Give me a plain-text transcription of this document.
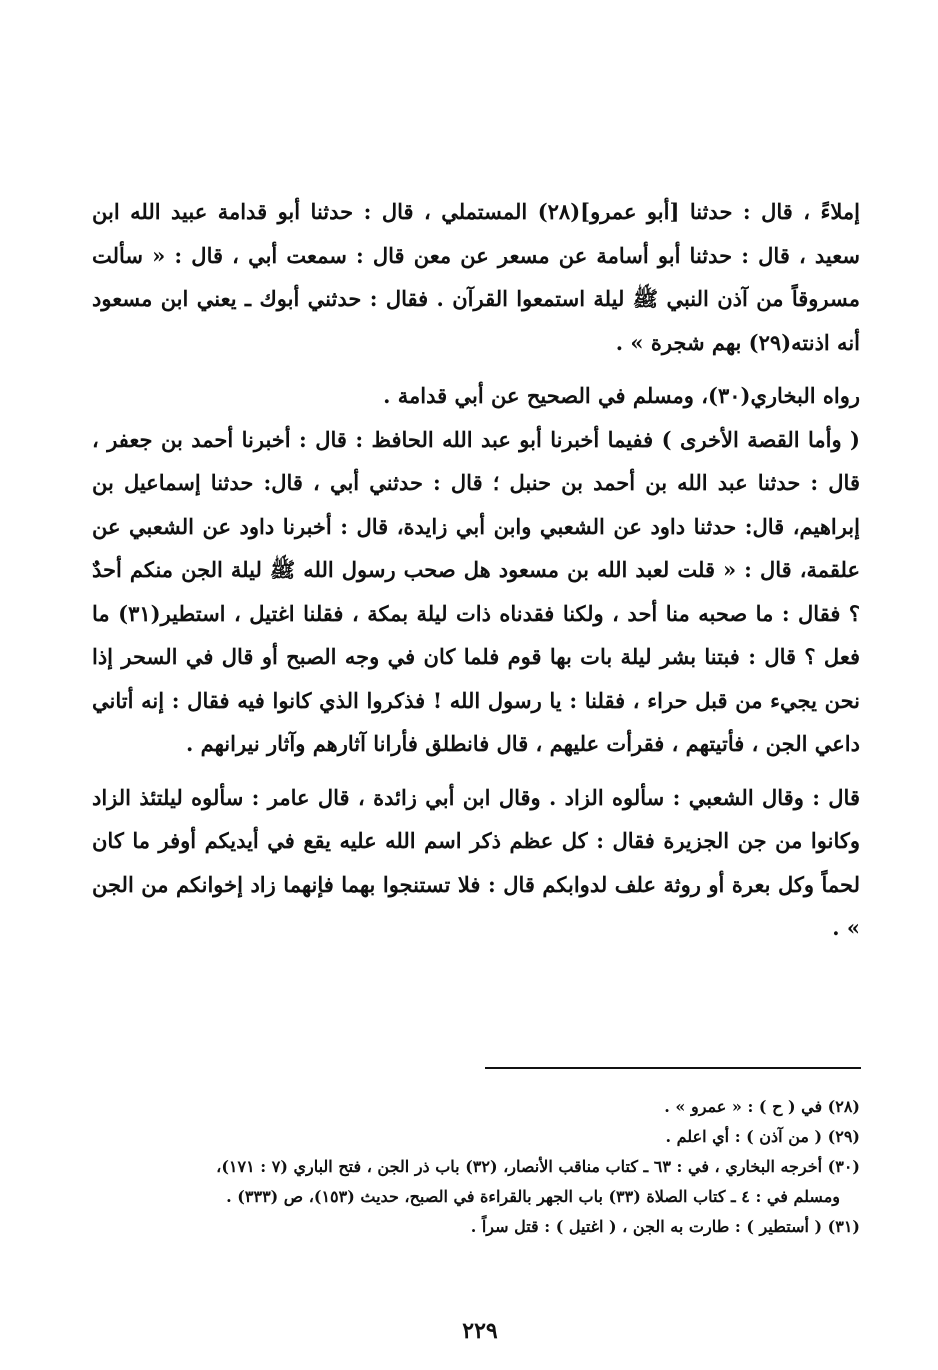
إملاءً ، قال : حدثنا [أبو عمرو](٢٨) المستملي ، قال : حدثنا أبو قدامة عبيد الله ابن سعيد ، قال : حدثنا أبو أسامة عن مسعر عن معن قال : سمعت أبي ، قال : « سألت مسروقاً من آذن النبي ﷺ ليلة استمعوا القرآن . فقال : حدثني أبوك ـ يعني ابن مسعود أنه اذنته(٢٩) بهم شجرة » .

رواه البخاري(٣٠)، ومسلم في الصحيح عن أبي قدامة .

( وأما القصة الأخرى ) ففيما أخبرنا أبو عبد الله الحافظ : قال : أخبرنا أحمد بن جعفر ، قال : حدثنا عبد الله بن أحمد بن حنبل ؛ قال : حدثني أبي ، قال: حدثنا إسماعيل بن إبراهيم، قال: حدثنا داود عن الشعبي وابن أبي زايدة، قال : أخبرنا داود عن الشعبي عن علقمة، قال : « قلت لعبد الله بن مسعود هل صحب رسول الله ﷺ ليلة الجن منكم أحدٌ ؟ فقال : ما صحبه منا أحد ، ولكنا فقدناه ذات ليلة بمكة ، فقلنا اغتيل ، استطير(٣١) ما فعل ؟ قال : فبتنا بشر ليلة بات بها قوم فلما كان في وجه الصبح أو قال في السحر إذا نحن يجيء من قبل حراء ، فقلنا : يا رسول الله ! فذكروا الذي كانوا فيه فقال : إنه أتاني داعي الجن ، فأتيتهم ، فقرأت عليهم ، قال فانطلق فأرانا آثارهم وآثار نيرانهم .

قال : وقال الشعبي : سألوه الزاد . وقال ابن أبي زائدة ، قال عامر : سألوه ليلتئذ الزاد وكانوا من جن الجزيرة فقال : كل عظم ذكر اسم الله عليه يقع في أيديكم أوفر ما كان لحماً وكل بعرة أو روثة علف لدوابكم قال : فلا تستنجوا بهما فإنهما زاد إخوانكم من الجن » .

(٢٨) في ( ح ) : « عمرو » .

(٢٩) ( من آذن ) : أي اعلم .

(٣٠) أخرجه البخاري ، في : ٦٣ ـ كتاب مناقب الأنصار، (٣٢) باب ذر الجن ، فتح الباري (٧ : ١٧١)،

ومسلم في : ٤ ـ كتاب الصلاة (٣٣) باب الجهر بالقراءة في الصبح، حديث (١٥٣)، ص (٣٣٣) .

(٣١) ( أستطير ) : طارت به الجن ، ( اغتيل ) : قتل سراً .

٢٢٩
